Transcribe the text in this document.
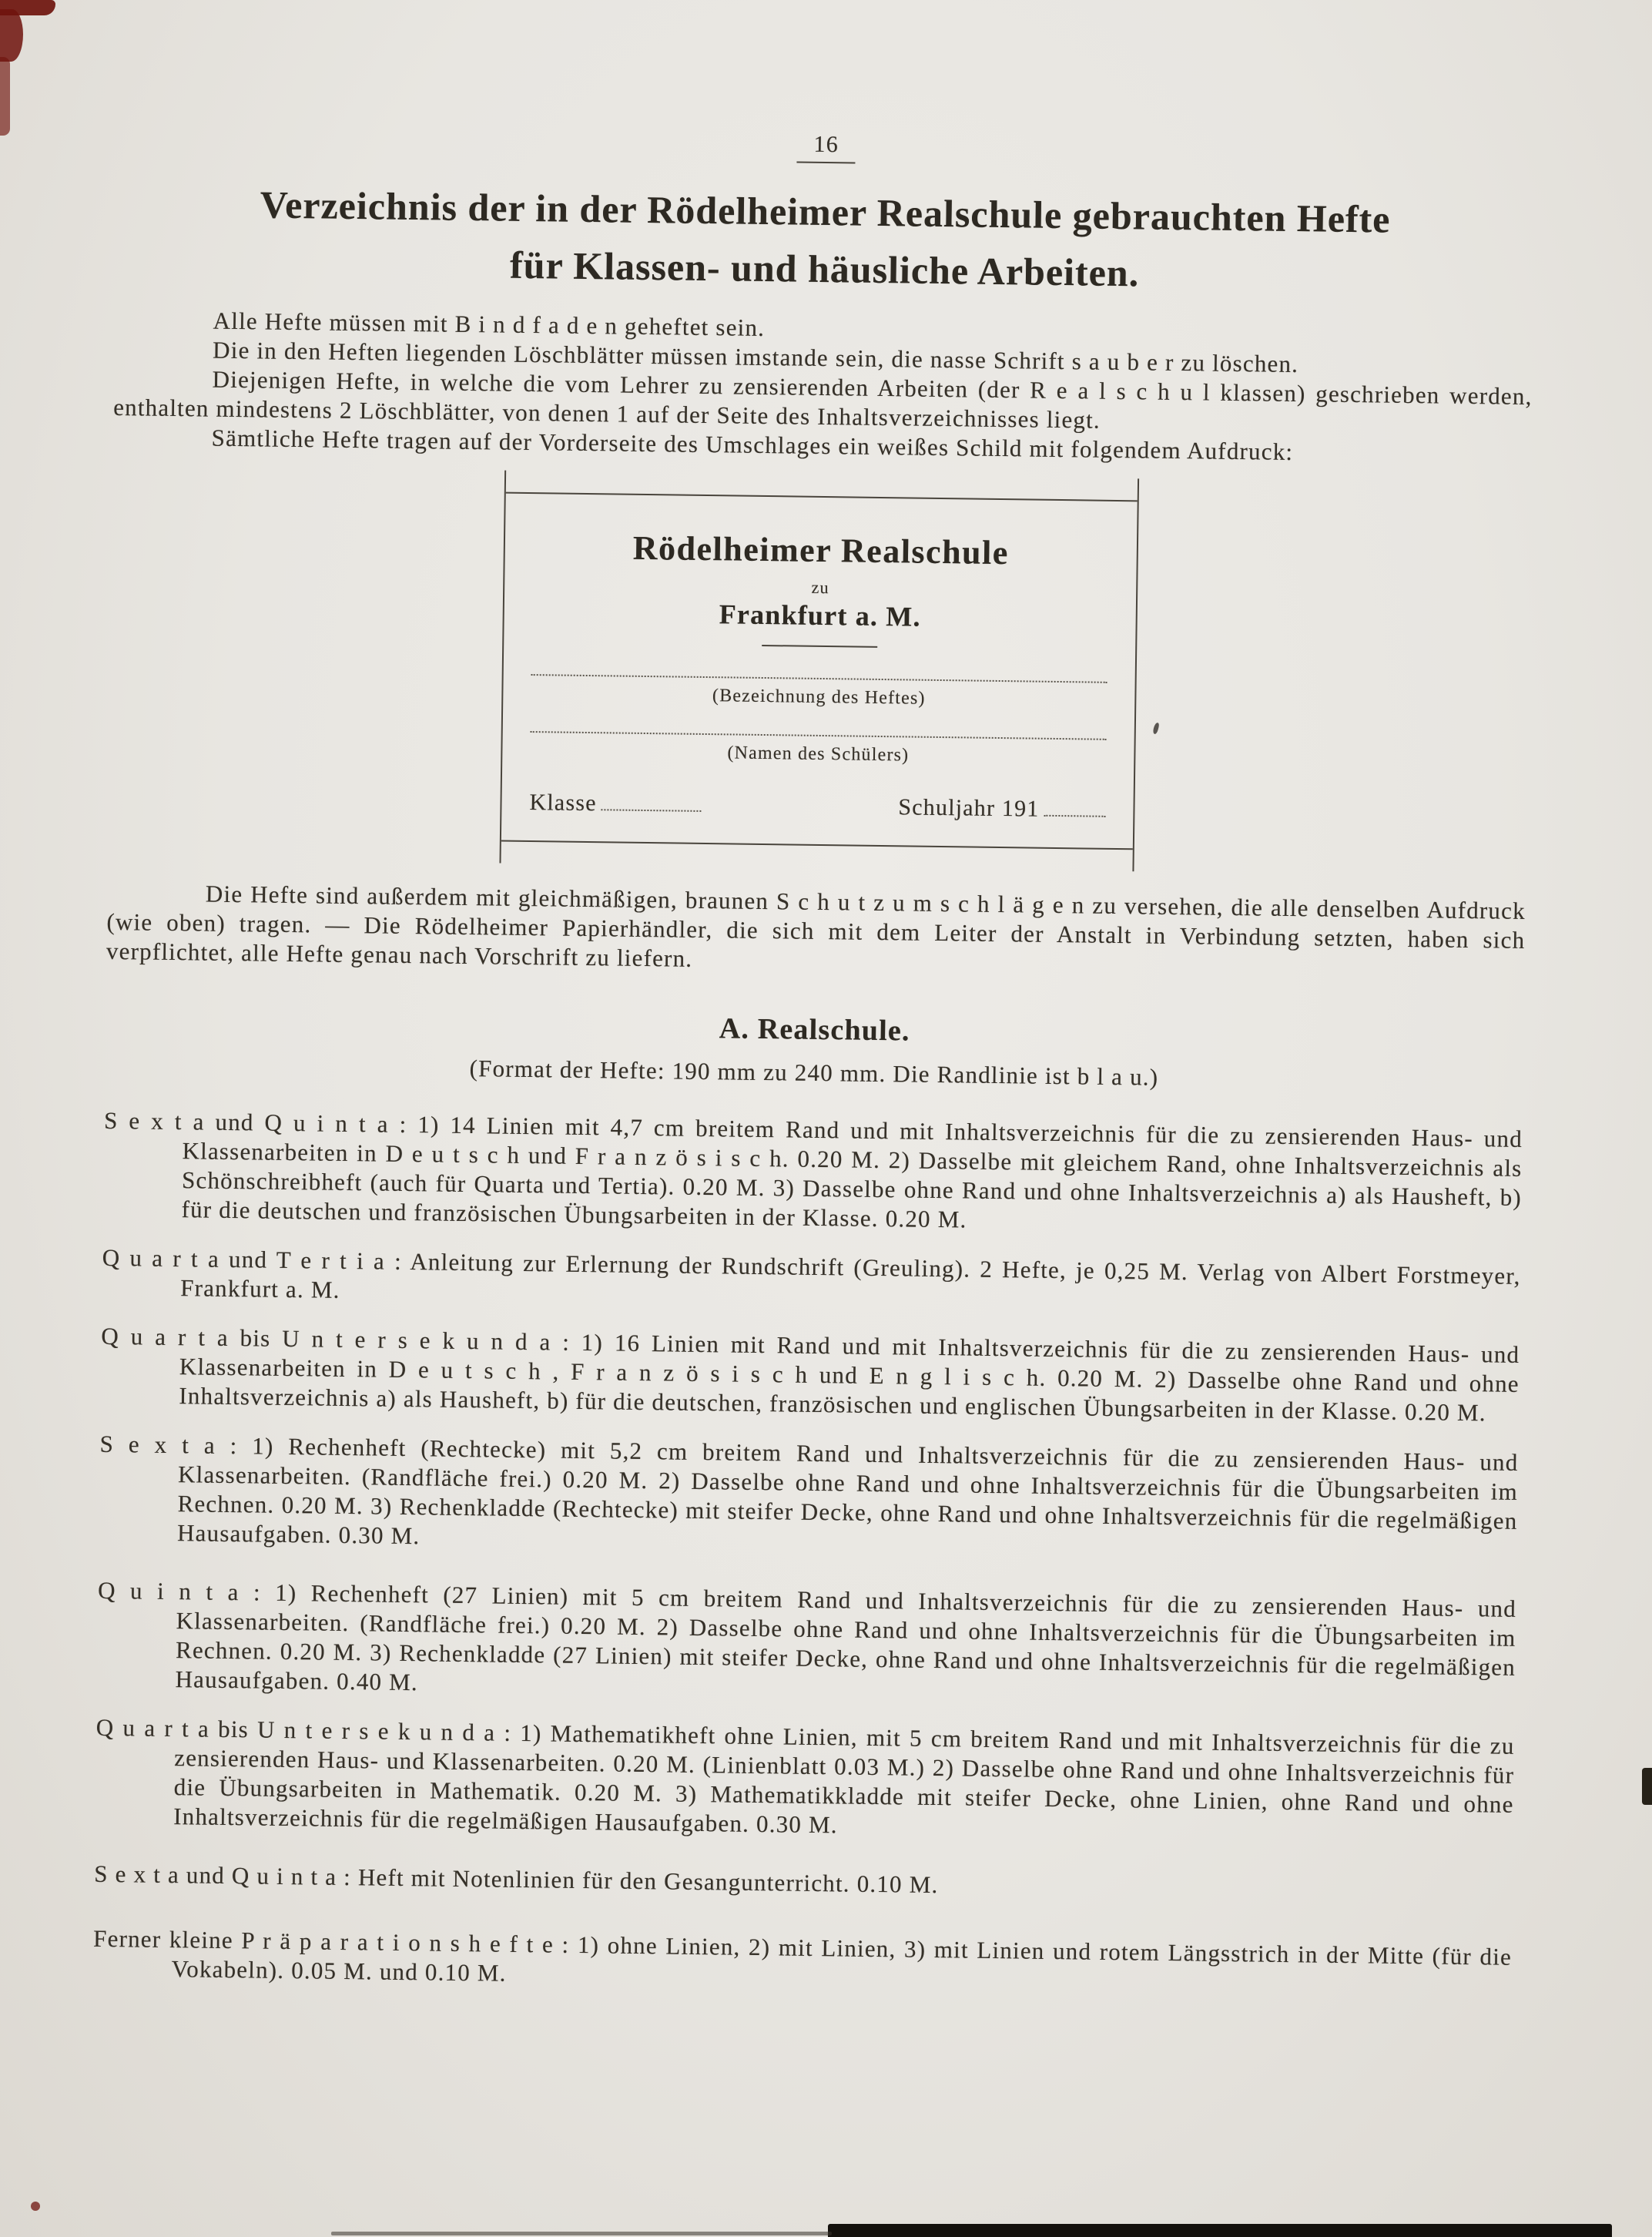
16
Verzeichnis der in der Rödelheimer Realschule gebrauchten Hefte
für Klassen- und häusliche Arbeiten.

Alle Hefte müssen mit B i n d f a d e n geheftet sein.

Die in den Heften liegenden Löschblätter müssen imstande sein, die nasse Schrift s a u b e r zu löschen.

Diejenigen Hefte, in welche die vom Lehrer zu zensierenden Arbeiten (der R e a l s c h u l klassen) geschrieben werden, enthalten mindestens 2 Löschblätter, von denen 1 auf der Seite des Inhaltsverzeichnisses liegt.

Sämtliche Hefte tragen auf der Vorderseite des Umschlages ein weißes Schild mit folgendem Aufdruck:

Rödelheimer Realschule
zu
Frankfurt a. M.
(Bezeichnung des Heftes)
(Namen des Schülers)
Klasse	Schuljahr 191

Die Hefte sind außerdem mit gleichmäßigen, braunen S c h u t z u m s c h l ä g e n zu versehen, die alle denselben Aufdruck (wie oben) tragen. — Die Rödelheimer Papierhändler, die sich mit dem Leiter der Anstalt in Verbindung setzten, haben sich verpflichtet, alle Hefte genau nach Vorschrift zu liefern.

A. Realschule.
(Format der Hefte: 190 mm zu 240 mm. Die Randlinie ist b l a u.)
S e x t a und Q u i n t a : 1) 14 Linien mit 4,7 cm breitem Rand und mit Inhaltsverzeichnis für die zu zensierenden Haus- und Klassenarbeiten in D e u t s c h und F r a n z ö s i s c h. 0.20 M. 2) Dasselbe mit gleichem Rand, ohne Inhaltsverzeichnis als Schönschreibheft (auch für Quarta und Tertia). 0.20 M. 3) Dasselbe ohne Rand und ohne Inhaltsverzeichnis a) als Hausheft, b) für die deutschen und französischen Übungsarbeiten in der Klasse. 0.20 M.
Q u a r t a und T e r t i a : Anleitung zur Erlernung der Rundschrift (Greuling). 2 Hefte, je 0,25 M. Verlag von Albert Forstmeyer, Frankfurt a. M.
Q u a r t a bis U n t e r s e k u n d a : 1) 16 Linien mit Rand und mit Inhaltsverzeichnis für die zu zensierenden Haus- und Klassenarbeiten in D e u t s c h , F r a n z ö s i s c h und E n g l i s c h. 0.20 M. 2) Dasselbe ohne Rand und ohne Inhaltsverzeichnis a) als Hausheft, b) für die deutschen, französischen und englischen Übungsarbeiten in der Klasse. 0.20 M.
S e x t a : 1) Rechenheft (Rechtecke) mit 5,2 cm breitem Rand und Inhaltsverzeichnis für die zu zensierenden Haus- und Klassenarbeiten. (Randfläche frei.) 0.20 M. 2) Dasselbe ohne Rand und ohne Inhaltsverzeichnis für die Übungsarbeiten im Rechnen. 0.20 M. 3) Rechenkladde (Rechtecke) mit steifer Decke, ohne Rand und ohne Inhaltsverzeichnis für die regelmäßigen Hausaufgaben. 0.30 M.
Q u i n t a : 1) Rechenheft (27 Linien) mit 5 cm breitem Rand und Inhaltsverzeichnis für die zu zensierenden Haus- und Klassenarbeiten. (Randfläche frei.) 0.20 M. 2) Dasselbe ohne Rand und ohne Inhaltsverzeichnis für die Übungsarbeiten im Rechnen. 0.20 M. 3) Rechenkladde (27 Linien) mit steifer Decke, ohne Rand und ohne Inhaltsverzeichnis für die regelmäßigen Hausaufgaben. 0.40 M.
Q u a r t a bis U n t e r s e k u n d a : 1) Mathematikheft ohne Linien, mit 5 cm breitem Rand und mit Inhaltsverzeichnis für die zu zensierenden Haus- und Klassenarbeiten. 0.20 M. (Linienblatt 0.03 M.) 2) Dasselbe ohne Rand und ohne Inhaltsverzeichnis für die Übungsarbeiten in Mathematik. 0.20 M. 3) Mathematikkladde mit steifer Decke, ohne Linien, ohne Rand und ohne Inhaltsverzeichnis für die regelmäßigen Hausaufgaben. 0.30 M.
S e x t a und Q u i n t a : Heft mit Notenlinien für den Gesangunterricht. 0.10 M.
Ferner kleine P r ä p a r a t i o n s h e f t e : 1) ohne Linien, 2) mit Linien, 3) mit Linien und rotem Längsstrich in der Mitte (für die Vokabeln). 0.05 M. und 0.10 M.
